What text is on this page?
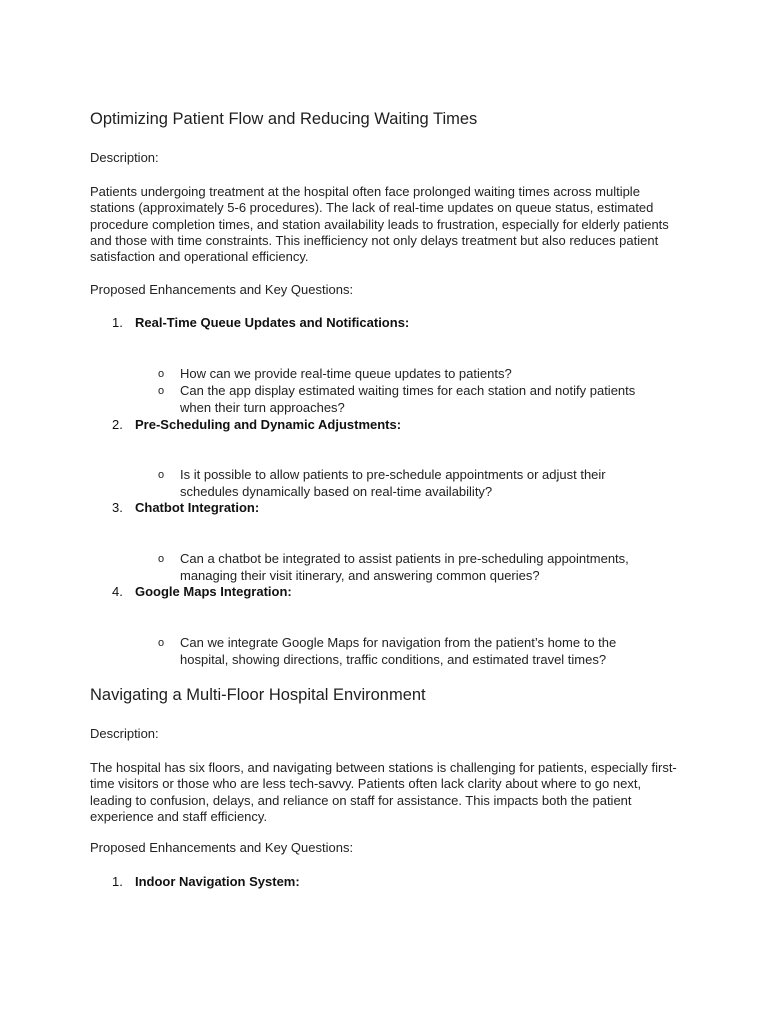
Optimizing Patient Flow and Reducing Waiting Times

Description:

Patients undergoing treatment at the hospital often face prolonged waiting times across multiple stations (approximately 5-6 procedures). The lack of real-time updates on queue status, estimated procedure completion times, and station availability leads to frustration, especially for elderly patients and those with time constraints. This inefficiency not only delays treatment but also reduces patient satisfaction and operational efficiency.

Proposed Enhancements and Key Questions:

1. Real-Time Queue Updates and Notifications:

o How can we provide real-time queue updates to patients?
o Can the app display estimated waiting times for each station and notify patients when their turn approaches?

2. Pre-Scheduling and Dynamic Adjustments:

o Is it possible to allow patients to pre-schedule appointments or adjust their schedules dynamically based on real-time availability?

3. Chatbot Integration:

o Can a chatbot be integrated to assist patients in pre-scheduling appointments, managing their visit itinerary, and answering common queries?

4. Google Maps Integration:

o Can we integrate Google Maps for navigation from the patient’s home to the hospital, showing directions, traffic conditions, and estimated travel times?
Navigating a Multi-Floor Hospital Environment

Description:

The hospital has six floors, and navigating between stations is challenging for patients, especially first-time visitors or those who are less tech-savvy. Patients often lack clarity about where to go next, leading to confusion, delays, and reliance on staff for assistance. This impacts both the patient experience and staff efficiency.

Proposed Enhancements and Key Questions:

1. Indoor Navigation System:
